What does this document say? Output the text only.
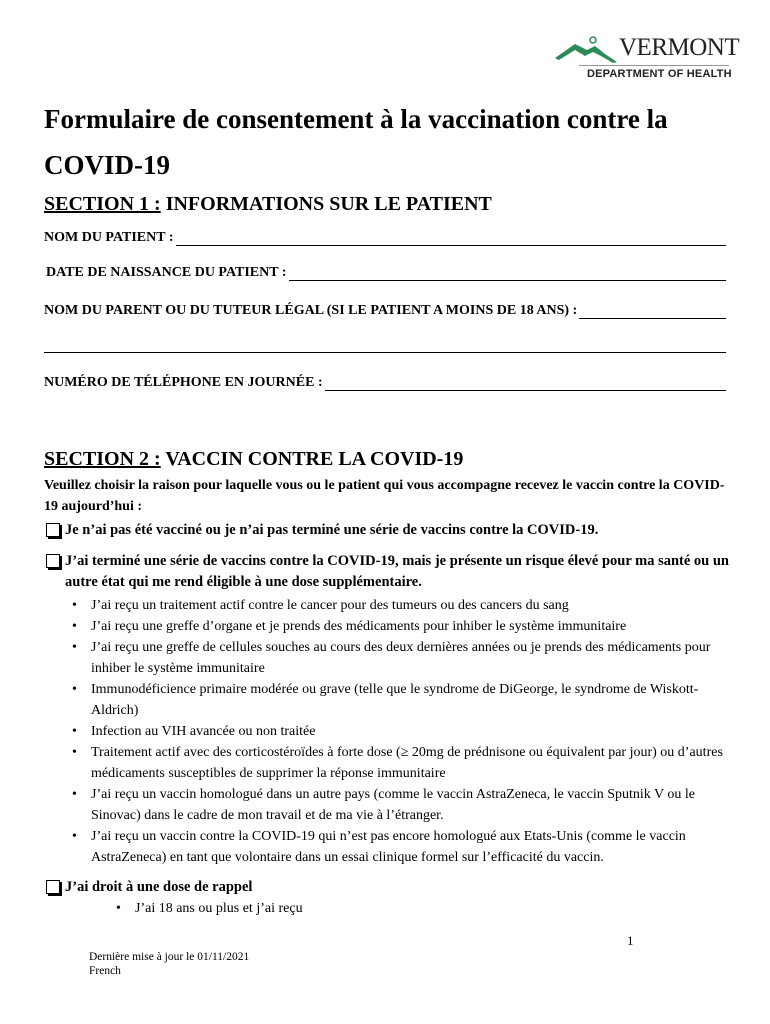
VERMONT
DEPARTMENT OF HEALTH
Formulaire de consentement à la vaccination contre la COVID-19
SECTION 1 : INFORMATIONS SUR LE PATIENT
NOM DU PATIENT :
DATE DE NAISSANCE DU PATIENT :
NOM DU PARENT OU DU TUTEUR LÉGAL (SI LE PATIENT A MOINS DE 18 ANS) :
NUMÉRO DE TÉLÉPHONE EN JOURNÉE :
SECTION 2 : VACCIN CONTRE LA COVID-19
Veuillez choisir la raison pour laquelle vous ou le patient qui vous accompagne recevez le vaccin contre la COVID-19 aujourd’hui :
Je n’ai pas été vacciné ou je n’ai pas terminé une série de vaccins contre la COVID-19.
J’ai terminé une série de vaccins contre la COVID-19, mais je présente un risque élevé pour ma santé ou un autre état qui me rend éligible à une dose supplémentaire.
• J’ai reçu un traitement actif contre le cancer pour des tumeurs ou des cancers du sang
• J’ai reçu une greffe d’organe et je prends des médicaments pour inhiber le système immunitaire
• J’ai reçu une greffe de cellules souches au cours des deux dernières années ou je prends des médicaments pour inhiber le système immunitaire
• Immunodéficience primaire modérée ou grave (telle que le syndrome de DiGeorge, le syndrome de Wiskott-Aldrich)
• Infection au VIH avancée ou non traitée
• Traitement actif avec des corticostéroïdes à forte dose (≥ 20mg de prédnisone ou équivalent par jour) ou d’autres médicaments susceptibles de supprimer la réponse immunitaire
• J’ai reçu un vaccin homologué dans un autre pays (comme le vaccin AstraZeneca, le vaccin Sputnik V ou le Sinovac) dans le cadre de mon travail et de ma vie à l’étranger.
• J’ai reçu un vaccin contre la COVID-19 qui n’est pas encore homologué aux Etats-Unis (comme le vaccin AstraZeneca) en tant que volontaire dans un essai clinique formel sur l’efficacité du vaccin.
J’ai droit à une dose de rappel
• J’ai 18 ans ou plus et j’ai reçu
1
Dernière mise à jour le 01/11/2021
French
